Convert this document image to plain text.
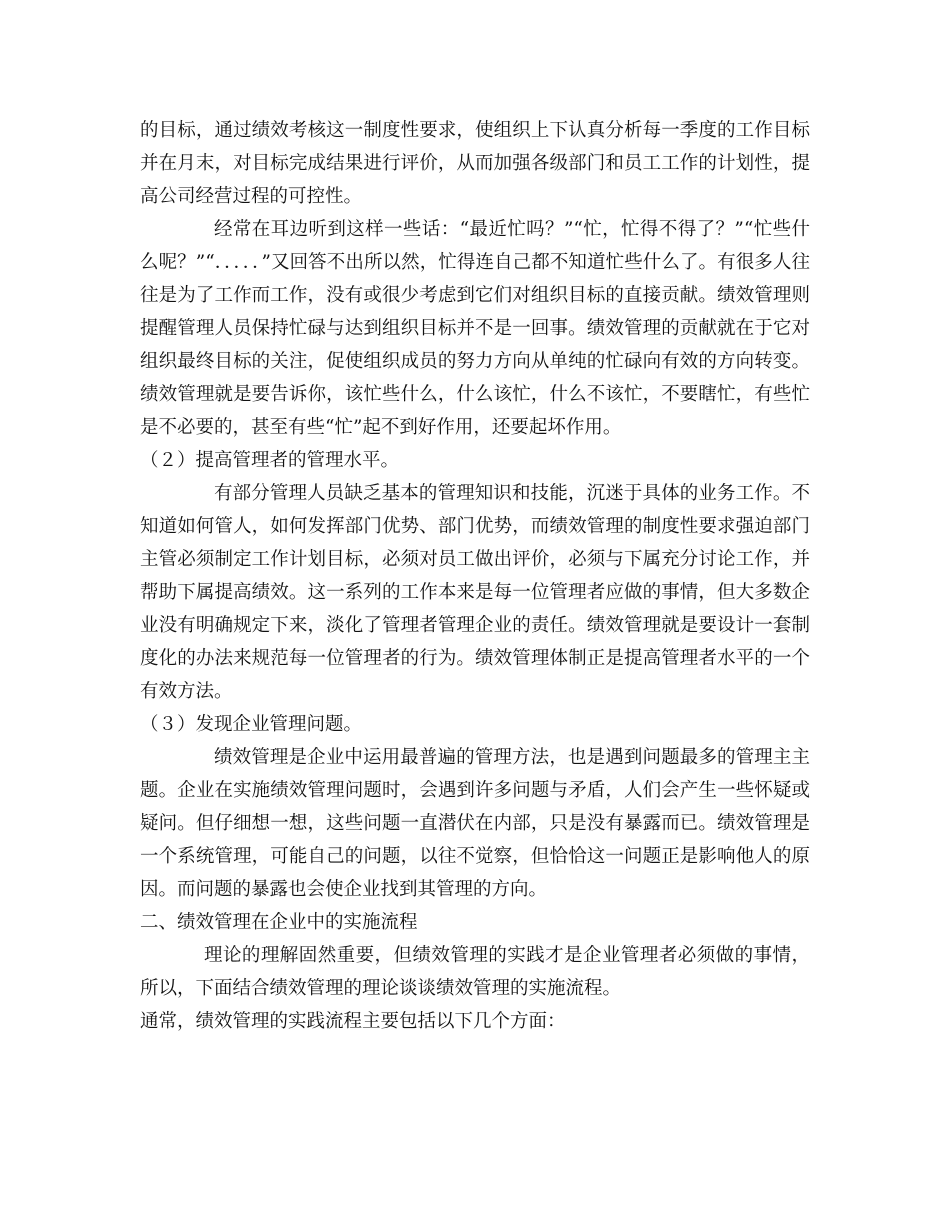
的目标，通过绩效考核这一制度性要求，使组织上下认真分析每一季度的工作目标并在月末，对目标完成结果进行评价，从而加强各级部门和员工工作的计划性，提高公司经营过程的可控性。

经常在耳边听到这样一些话：“最近忙吗？”“忙，忙得不得了？”“忙些什么呢？”“．．．．．”又回答不出所以然，忙得连自己都不知道忙些什么了。有很多人往往是为了工作而工作，没有或很少考虑到它们对组织目标的直接贡献。绩效管理则提醒管理人员保持忙碌与达到组织目标并不是一回事。绩效管理的贡献就在于它对组织最终目标的关注，促使组织成员的努力方向从单纯的忙碌向有效的方向转变。绩效管理就是要告诉你，该忙些什么，什么该忙，什么不该忙，不要瞎忙，有些忙是不必要的，甚至有些“忙”起不到好作用，还要起坏作用。

（２）提高管理者的管理水平。

有部分管理人员缺乏基本的管理知识和技能，沉迷于具体的业务工作。不知道如何管人，如何发挥部门优势、部门优势，而绩效管理的制度性要求强迫部门主管必须制定工作计划目标，必须对员工做出评价，必须与下属充分讨论工作，并帮助下属提高绩效。这一系列的工作本来是每一位管理者应做的事情，但大多数企业没有明确规定下来，淡化了管理者管理企业的责任。绩效管理就是要设计一套制度化的办法来规范每一位管理者的行为。绩效管理体制正是提高管理者水平的一个有效方法。

（３）发现企业管理问题。

绩效管理是企业中运用最普遍的管理方法，也是遇到问题最多的管理主主题。企业在实施绩效管理问题时，会遇到许多问题与矛盾，人们会产生一些怀疑或疑问。但仔细想一想，这些问题一直潜伏在内部，只是没有暴露而已。绩效管理是一个系统管理，可能自己的问题，以往不觉察，但恰恰这一问题正是影响他人的原因。而问题的暴露也会使企业找到其管理的方向。

二、绩效管理在企业中的实施流程

理论的理解固然重要，但绩效管理的实践才是企业管理者必须做的事情，所以，下面结合绩效管理的理论谈谈绩效管理的实施流程。

通常，绩效管理的实践流程主要包括以下几个方面：
